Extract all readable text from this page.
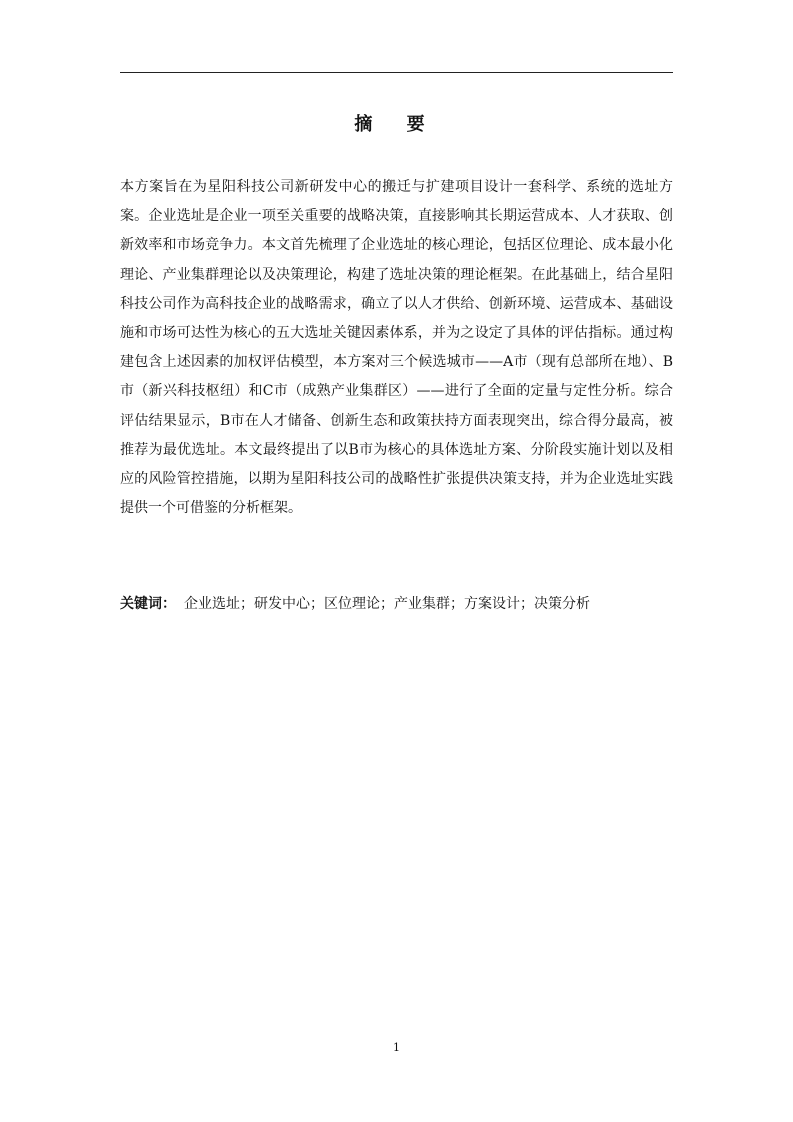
摘 要

本方案旨在为星阳科技公司新研发中心的搬迁与扩建项目设计一套科学、系统的选址方案。企业选址是企业一项至关重要的战略决策，直接影响其长期运营成本、人才获取、创新效率和市场竞争力。本文首先梳理了企业选址的核心理论，包括区位理论、成本最小化理论、产业集群理论以及决策理论，构建了选址决策的理论框架。在此基础上，结合星阳科技公司作为高科技企业的战略需求，确立了以人才供给、创新环境、运营成本、基础设施和市场可达性为核心的五大选址关键因素体系，并为之设定了具体的评估指标。通过构建包含上述因素的加权评估模型，本方案对三个候选城市——A市（现有总部所在地）、B市（新兴科技枢纽）和C市（成熟产业集群区）——进行了全面的定量与定性分析。综合评估结果显示，B市在人才储备、创新生态和政策扶持方面表现突出，综合得分最高，被推荐为最优选址。本文最终提出了以B市为核心的具体选址方案、分阶段实施计划以及相应的风险管控措施，以期为星阳科技公司的战略性扩张提供决策支持，并为企业选址实践提供一个可借鉴的分析框架。

关键词： 企业选址；研发中心；区位理论；产业集群；方案设计；决策分析
1
